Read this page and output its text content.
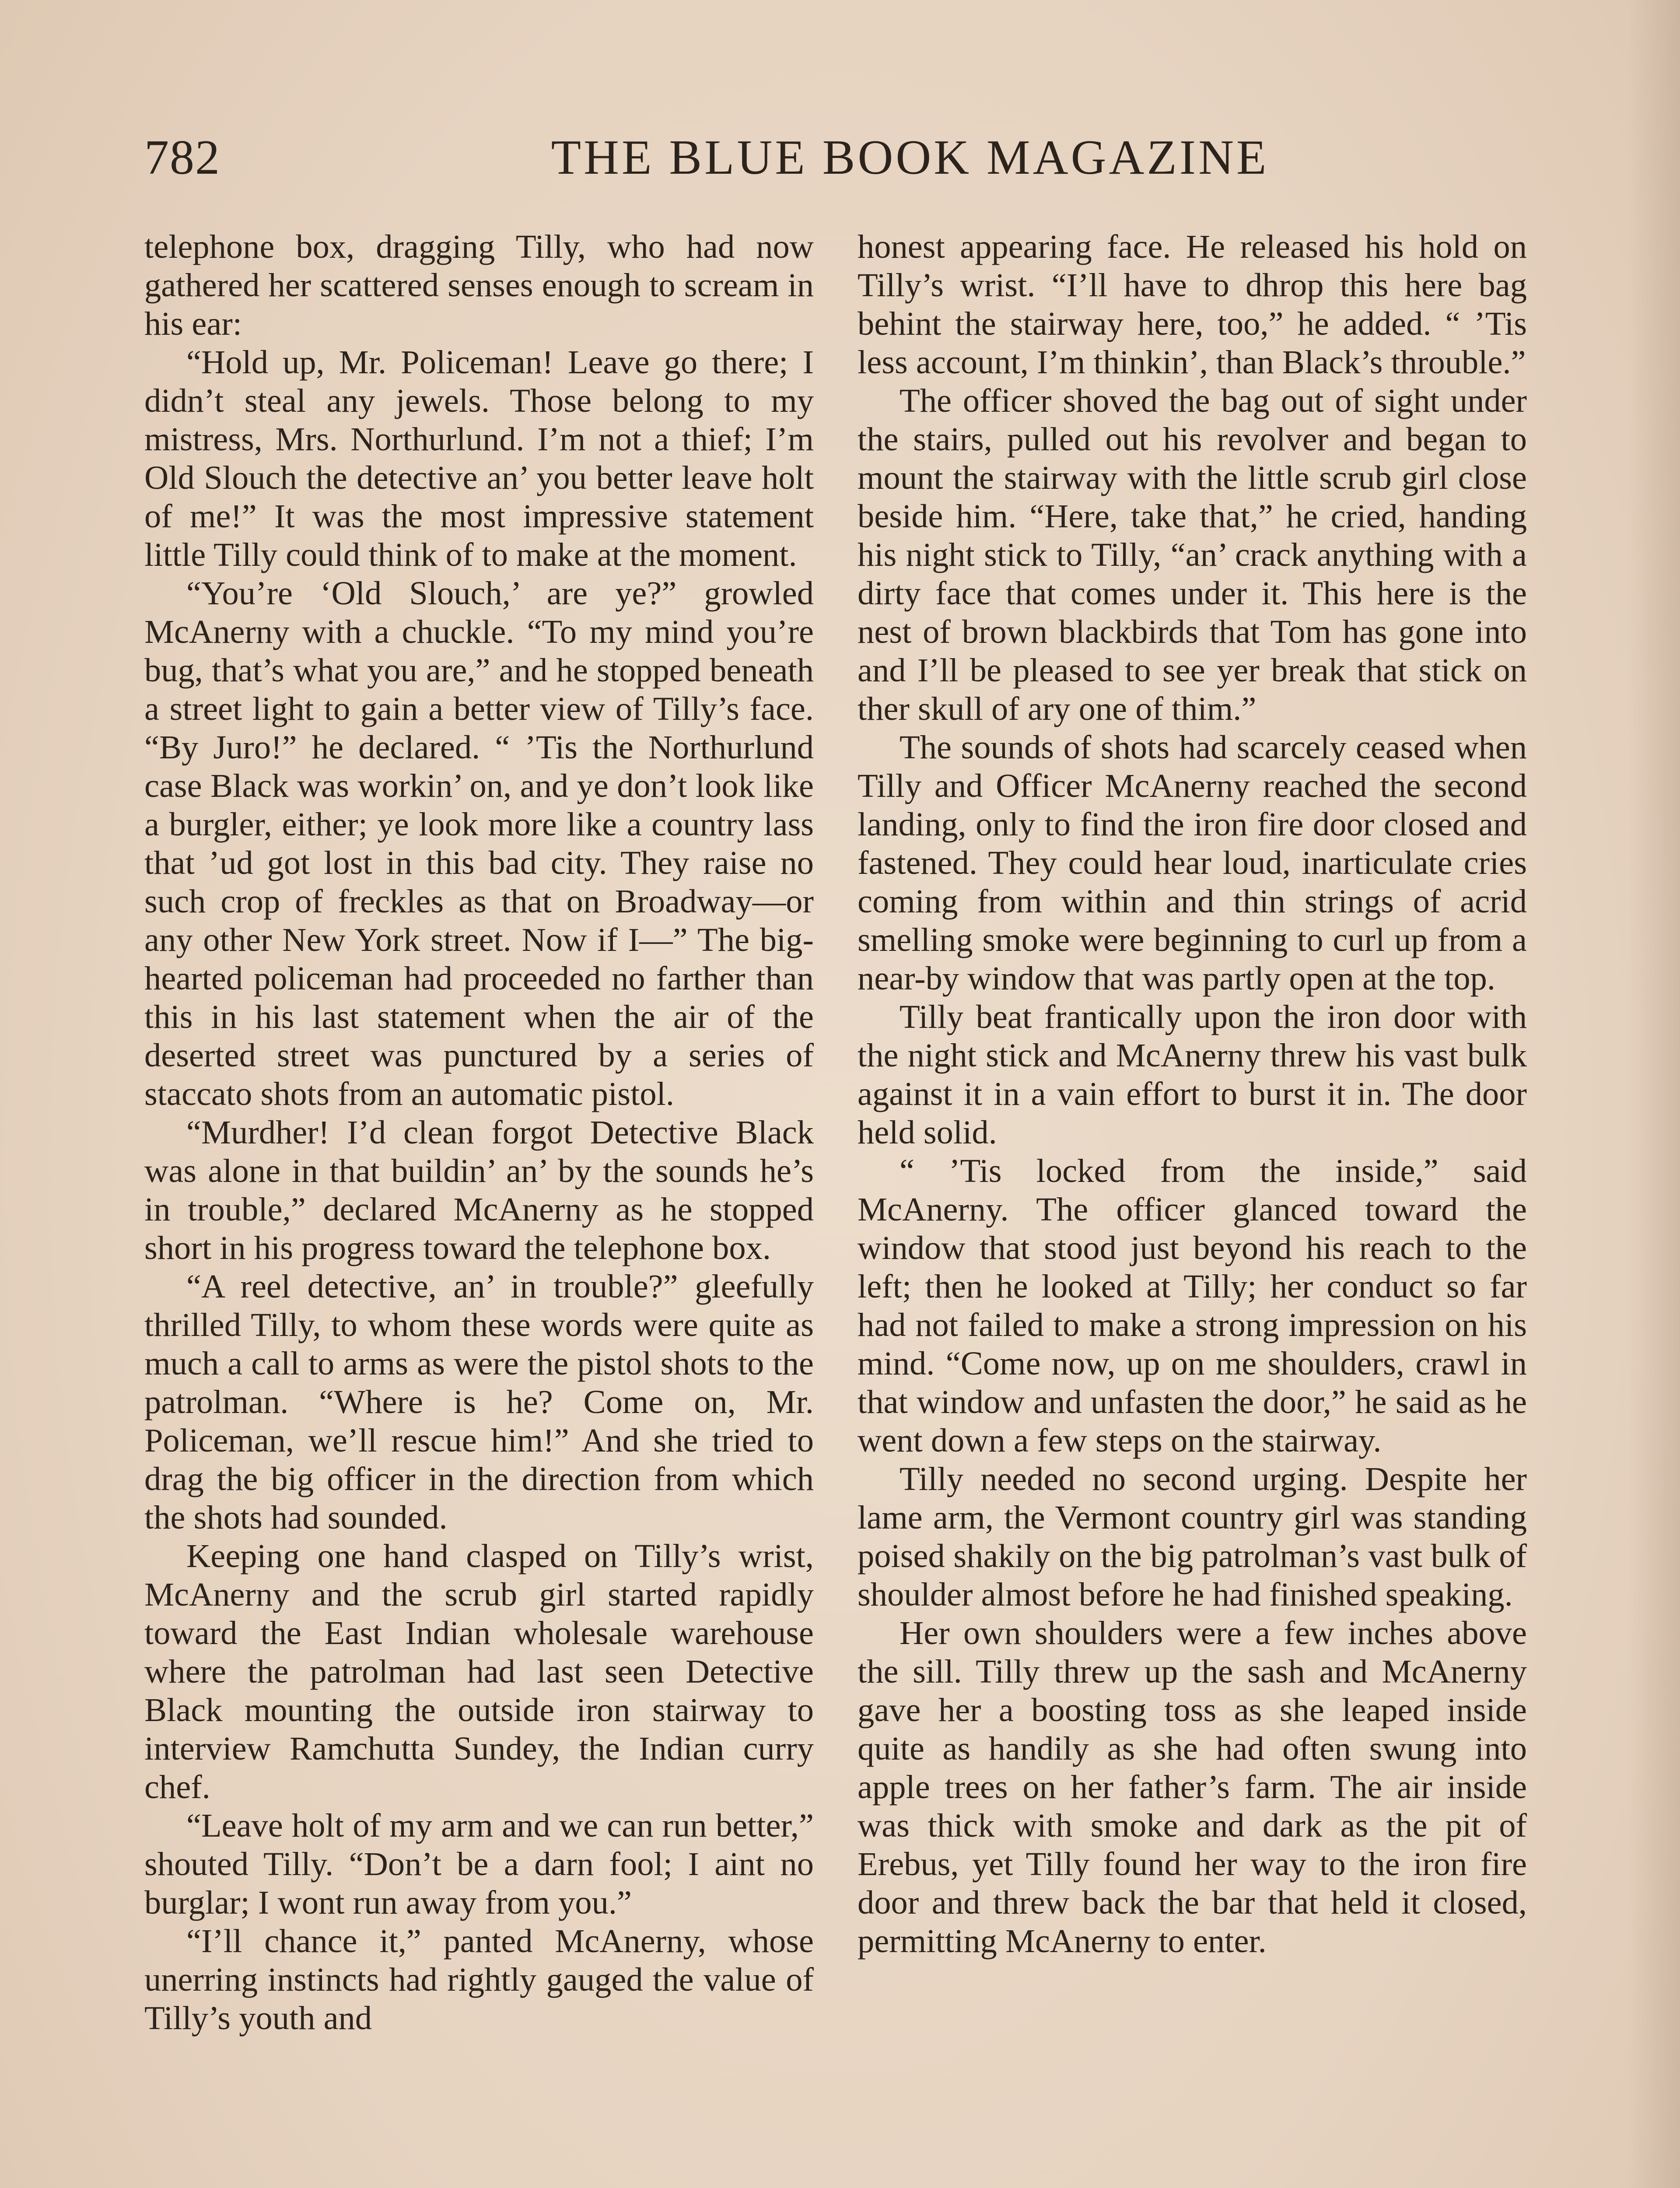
782	THE BLUE BOOK MAGAZINE

telephone box, dragging Tilly, who had now gathered her scattered senses enough to scream in his ear:

“Hold up, Mr. Policeman! Leave go there; I didn’t steal any jewels. Those belong to my mistress, Mrs. Northurlund. I’m not a thief; I’m Old Slouch the detective an’ you better leave holt of me!” It was the most impressive statement little Tilly could think of to make at the moment.

“You’re ‘Old Slouch,’ are ye?” growled McAnerny with a chuckle. “To my mind you’re bug, that’s what you are,” and he stopped beneath a street light to gain a better view of Tilly’s face. “By Juro!” he declared. “ ’Tis the Northurlund case Black was workin’ on, and ye don’t look like a burgler, either; ye look more like a country lass that ’ud got lost in this bad city. They raise no such crop of freckles as that on Broadway—or any other New York street. Now if I—” The big-hearted policeman had proceeded no farther than this in his last statement when the air of the deserted street was punctured by a series of staccato shots from an automatic pistol.

“Murdher! I’d clean forgot Detective Black was alone in that buildin’ an’ by the sounds he’s in trouble,” declared McAnerny as he stopped short in his progress toward the telephone box.

“A reel detective, an’ in trouble?” gleefully thrilled Tilly, to whom these words were quite as much a call to arms as were the pistol shots to the patrolman. “Where is he? Come on, Mr. Policeman, we’ll rescue him!” And she tried to drag the big officer in the direction from which the shots had sounded.

Keeping one hand clasped on Tilly’s wrist, McAnerny and the scrub girl started rapidly toward the East Indian wholesale warehouse where the patrolman had last seen Detective Black mounting the outside iron stairway to interview Ramchutta Sundey, the Indian curry chef.

“Leave holt of my arm and we can run better,” shouted Tilly. “Don’t be a darn fool; I aint no burglar; I wont run away from you.”

“I’ll chance it,” panted McAnerny, whose unerring instincts had rightly gauged the value of Tilly’s youth and

honest appearing face. He released his hold on Tilly’s wrist. “I’ll have to dhrop this here bag behint the stairway here, too,” he added. “ ’Tis less account, I’m thinkin’, than Black’s throuble.”

The officer shoved the bag out of sight under the stairs, pulled out his revolver and began to mount the stairway with the little scrub girl close beside him. “Here, take that,” he cried, handing his night stick to Tilly, “an’ crack anything with a dirty face that comes under it. This here is the nest of brown blackbirds that Tom has gone into and I’ll be pleased to see yer break that stick on ther skull of ary one of thim.”

The sounds of shots had scarcely ceased when Tilly and Officer McAnerny reached the second landing, only to find the iron fire door closed and fastened. They could hear loud, inarticulate cries coming from within and thin strings of acrid smelling smoke were beginning to curl up from a near-by window that was partly open at the top.

Tilly beat frantically upon the iron door with the night stick and McAnerny threw his vast bulk against it in a vain effort to burst it in. The door held solid.

“ ’Tis locked from the inside,” said McAnerny. The officer glanced toward the window that stood just beyond his reach to the left; then he looked at Tilly; her conduct so far had not failed to make a strong impression on his mind. “Come now, up on me shoulders, crawl in that window and unfasten the door,” he said as he went down a few steps on the stairway.

Tilly needed no second urging. Despite her lame arm, the Vermont country girl was standing poised shakily on the big patrolman’s vast bulk of shoulder almost before he had finished speaking.

Her own shoulders were a few inches above the sill. Tilly threw up the sash and McAnerny gave her a boosting toss as she leaped inside quite as handily as she had often swung into apple trees on her father’s farm. The air inside was thick with smoke and dark as the pit of Erebus, yet Tilly found her way to the iron fire door and threw back the bar that held it closed, permitting McAnerny to enter.
